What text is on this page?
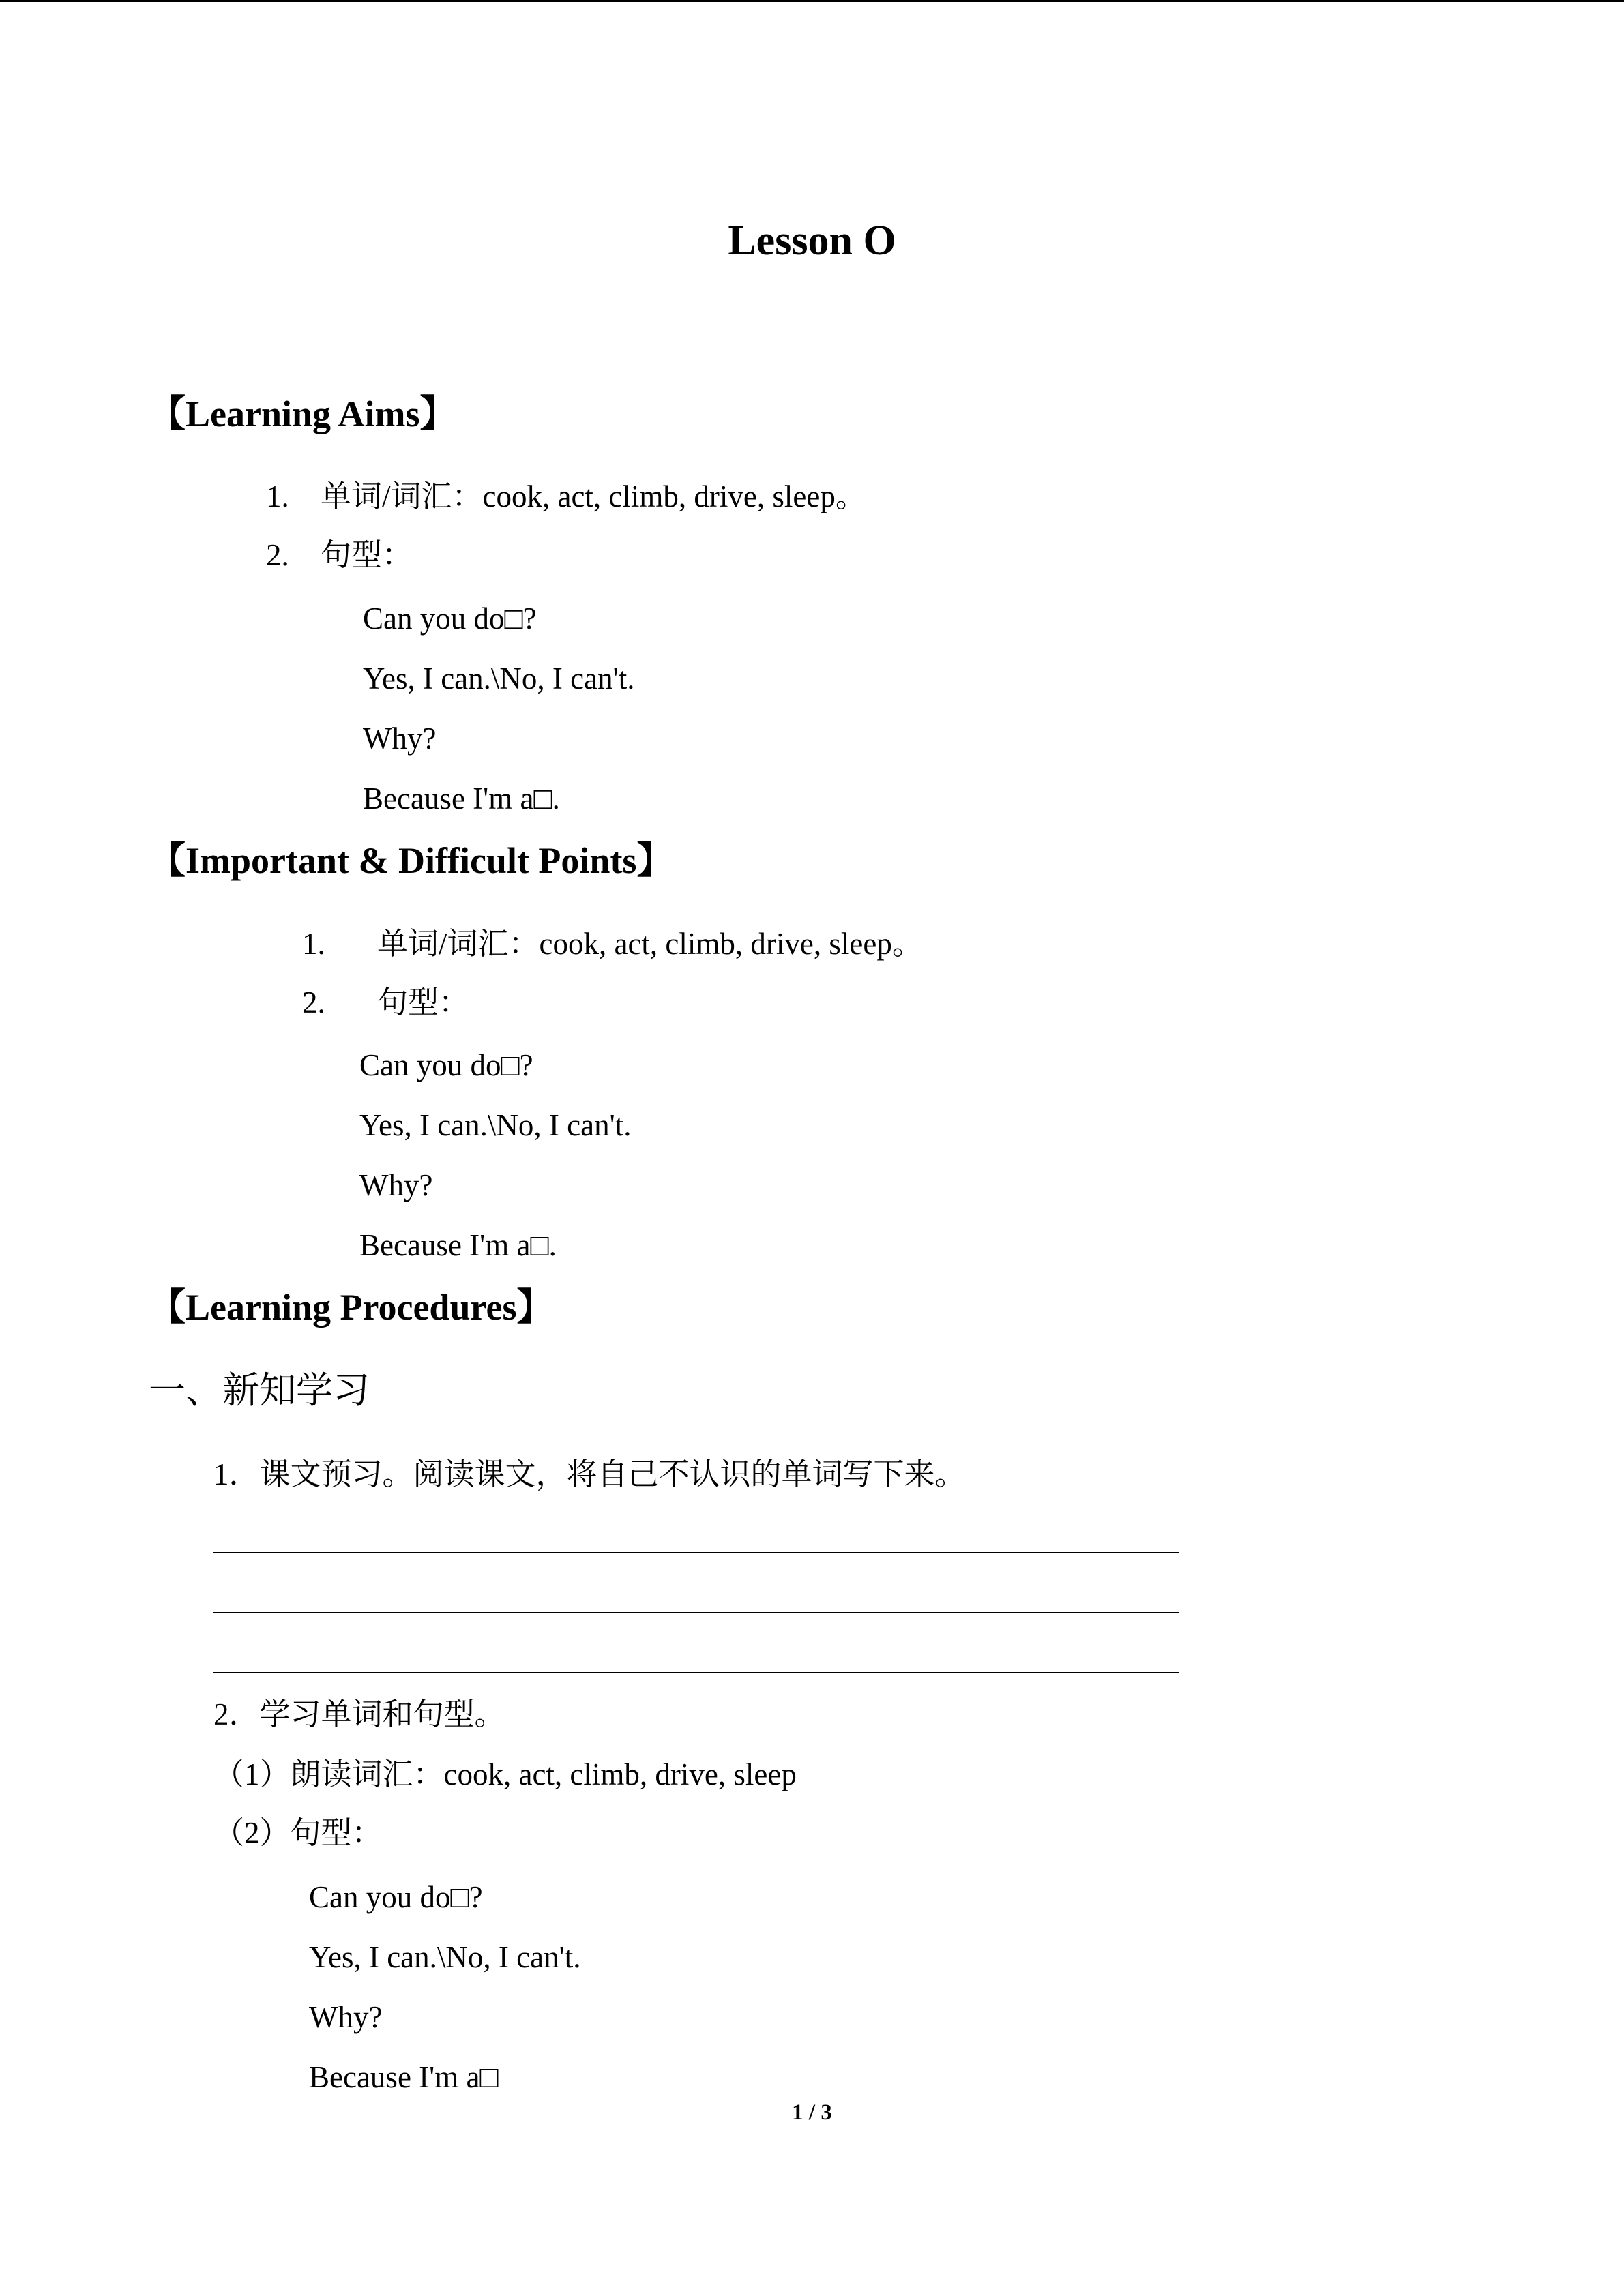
Lesson O
【Learning Aims】
1. 单词/词汇：cook, act, climb, drive, sleep。
2. 句型：
Can you do□?
Yes, I can.\No, I can't.
Why?
Because I'm a□.
【Important & Difficult Points】
1. 单词/词汇：cook, act, climb, drive, sleep。
2. 句型：
Can you do□?
Yes, I can.\No, I can't.
Why?
Because I'm a□.
【Learning Procedures】
一、新知学习
1．课文预习。阅读课文，将自己不认识的单词写下来。
2．学习单词和句型。
（1）朗读词汇：cook, act, climb, drive, sleep
（2）句型：
Can you do□?
Yes, I can.\No, I can't.
Why?
Because I'm a□
1 / 3
